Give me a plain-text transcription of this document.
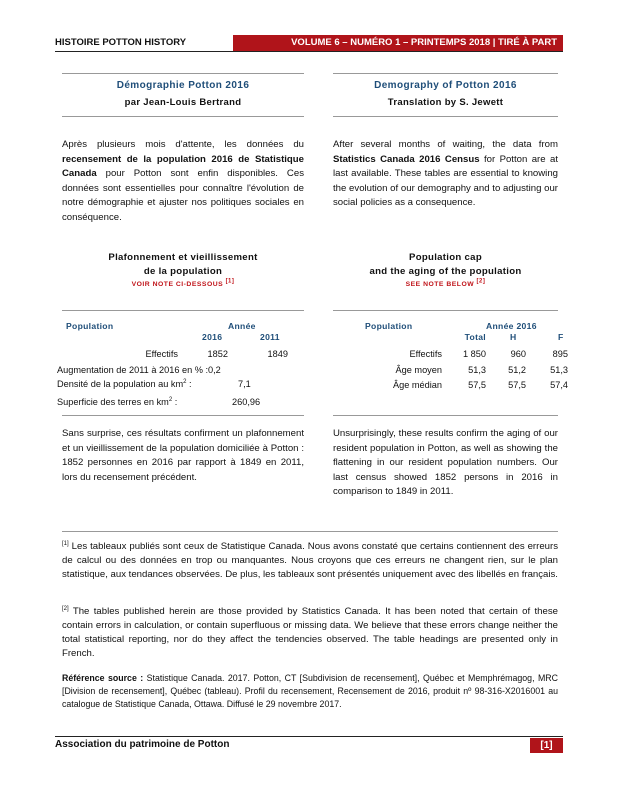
HISTOIRE POTTON HISTORY	VOLUME 6 – NUMÉRO 1 – PRINTEMPS 2018 | TIRÉ À PART
Démographie Potton 2016
par Jean-Louis Bertrand
Demography of Potton 2016
Translation by S. Jewett
Après plusieurs mois d'attente, les données du recensement de la population 2016 de Statistique Canada pour Potton sont enfin disponibles. Ces données sont essentielles pour connaître l'évolution de notre démographie et ajuster nos politiques sociales en conséquence.
After several months of waiting, the data from Statistics Canada 2016 Census for Potton are at last available. These tables are essential to knowing the evolution of our demography and to adjusting our social policies as a consequence.
Plafonnement et vieillissement
de la population
VOIR NOTE CI-DESSOUS [1]
Population cap
and the aging of the population
SEE NOTE BELOW [2]
Population	Année
2016	2011
Effectifs	1852	1849
Augmentation de 2011 à 2016 en % : 0,2
Densité de la population au $km^2$ :	7,1
Superficie des terres en $km^2$ :	260,96
Population	Année 2016
Total	H	F
Effectifs	1 850	960	895
Âge moyen	51,3	51,2	51,3
Âge médian	57,5	57,5	57,4
Sans surprise, ces résultats confirment un plafonnement et un vieillissement de la population domiciliée à Potton : 1852 personnes en 2016 par rapport à 1849 en 2011, lors du recensement précédent.
Unsurprisingly, these results confirm the aging of our resident population in Potton, as well as showing the flattening in our resident population numbers. Our last census showed 1852 persons in 2016 in comparison to 1849 in 2011.
[1] Les tableaux publiés sont ceux de Statistique Canada. Nous avons constaté que certains contiennent des erreurs de calcul ou des données en trop ou manquantes. Nous croyons que ces erreurs ne changent rien, sur le plan statistique, aux tendances observées. De plus, les tableaux sont présentés uniquement avec des libellés en français.
[2] The tables published herein are those provided by Statistics Canada. It has been noted that certain of these contain errors in calculation, or contain superfluous or missing data. We believe that these errors change neither the total statistical reporting, nor do they affect the tendencies observed. The table headings are presented only in French.
Référence source : Statistique Canada. 2017. Potton, CT [Subdivision de recensement], Québec et Memphrémagog, MRC [Division de recensement], Québec (tableau). Profil du recensement, Recensement de 2016, produit nº 98-316-X2016001 au catalogue de Statistique Canada, Ottawa. Diffusé le 29 novembre 2017.
Association du patrimoine de Potton	[1]
